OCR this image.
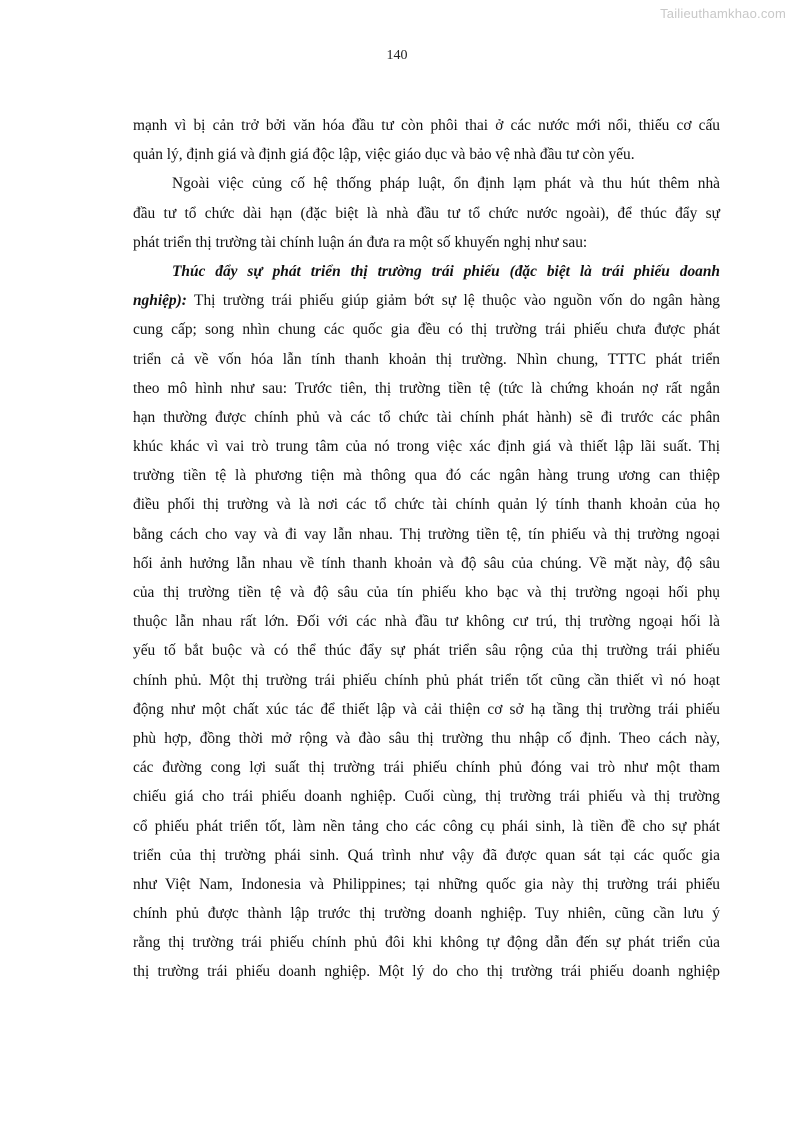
Tailieuthamkhao.com
140
mạnh vì bị cản trở bởi văn hóa đầu tư còn phôi thai ở các nước mới nổi, thiếu cơ cấu
quản lý, định giá và định giá độc lập, việc giáo dục và bảo vệ nhà đầu tư còn yếu.
Ngoài việc củng cố hệ thống pháp luật, ổn định lạm phát và thu hút thêm nhà
đầu tư tổ chức dài hạn (đặc biệt là nhà đầu tư tổ chức nước ngoài), để thúc đẩy sự
phát triển thị trường tài chính luận án đưa ra một số khuyến nghị như sau:
Thúc đẩy sự phát triển thị trường trái phiếu (đặc biệt là trái phiếu doanh
nghiệp): Thị trường trái phiếu giúp giảm bớt sự lệ thuộc vào nguồn vốn do ngân hàng
cung cấp; song nhìn chung các quốc gia đều có thị trường trái phiếu chưa được phát
triển cả về vốn hóa lẫn tính thanh khoản thị trường. Nhìn chung, TTTC phát triển
theo mô hình như sau: Trước tiên, thị trường tiền tệ (tức là chứng khoán nợ rất ngắn
hạn thường được chính phủ và các tổ chức tài chính phát hành) sẽ đi trước các phân
khúc khác vì vai trò trung tâm của nó trong việc xác định giá và thiết lập lãi suất. Thị
trường tiền tệ là phương tiện mà thông qua đó các ngân hàng trung ương can thiệp
điều phối thị trường và là nơi các tổ chức tài chính quản lý tính thanh khoản của họ
bằng cách cho vay và đi vay lẫn nhau. Thị trường tiền tệ, tín phiếu và thị trường ngoại
hối ảnh hưởng lẫn nhau về tính thanh khoản và độ sâu của chúng. Về mặt này, độ sâu
của thị trường tiền tệ và độ sâu của tín phiếu kho bạc và thị trường ngoại hối phụ
thuộc lẫn nhau rất lớn. Đối với các nhà đầu tư không cư trú, thị trường ngoại hối là
yếu tố bắt buộc và có thể thúc đẩy sự phát triển sâu rộng của thị trường trái phiếu
chính phủ. Một thị trường trái phiếu chính phủ phát triển tốt cũng cần thiết vì nó hoạt
động như một chất xúc tác để thiết lập và cải thiện cơ sở hạ tầng thị trường trái phiếu
phù hợp, đồng thời mở rộng và đào sâu thị trường thu nhập cố định. Theo cách này,
các đường cong lợi suất thị trường trái phiếu chính phủ đóng vai trò như một tham
chiếu giá cho trái phiếu doanh nghiệp. Cuối cùng, thị trường trái phiếu và thị trường
cổ phiếu phát triển tốt, làm nền tảng cho các công cụ phái sinh, là tiền đề cho sự phát
triển của thị trường phái sinh. Quá trình như vậy đã được quan sát tại các quốc gia
như Việt Nam, Indonesia và Philippines; tại những quốc gia này thị trường trái phiếu
chính phủ được thành lập trước thị trường doanh nghiệp. Tuy nhiên, cũng cần lưu ý
rằng thị trường trái phiếu chính phủ đôi khi không tự động dẫn đến sự phát triển của
thị trường trái phiếu doanh nghiệp. Một lý do cho thị trường trái phiếu doanh nghiệp
